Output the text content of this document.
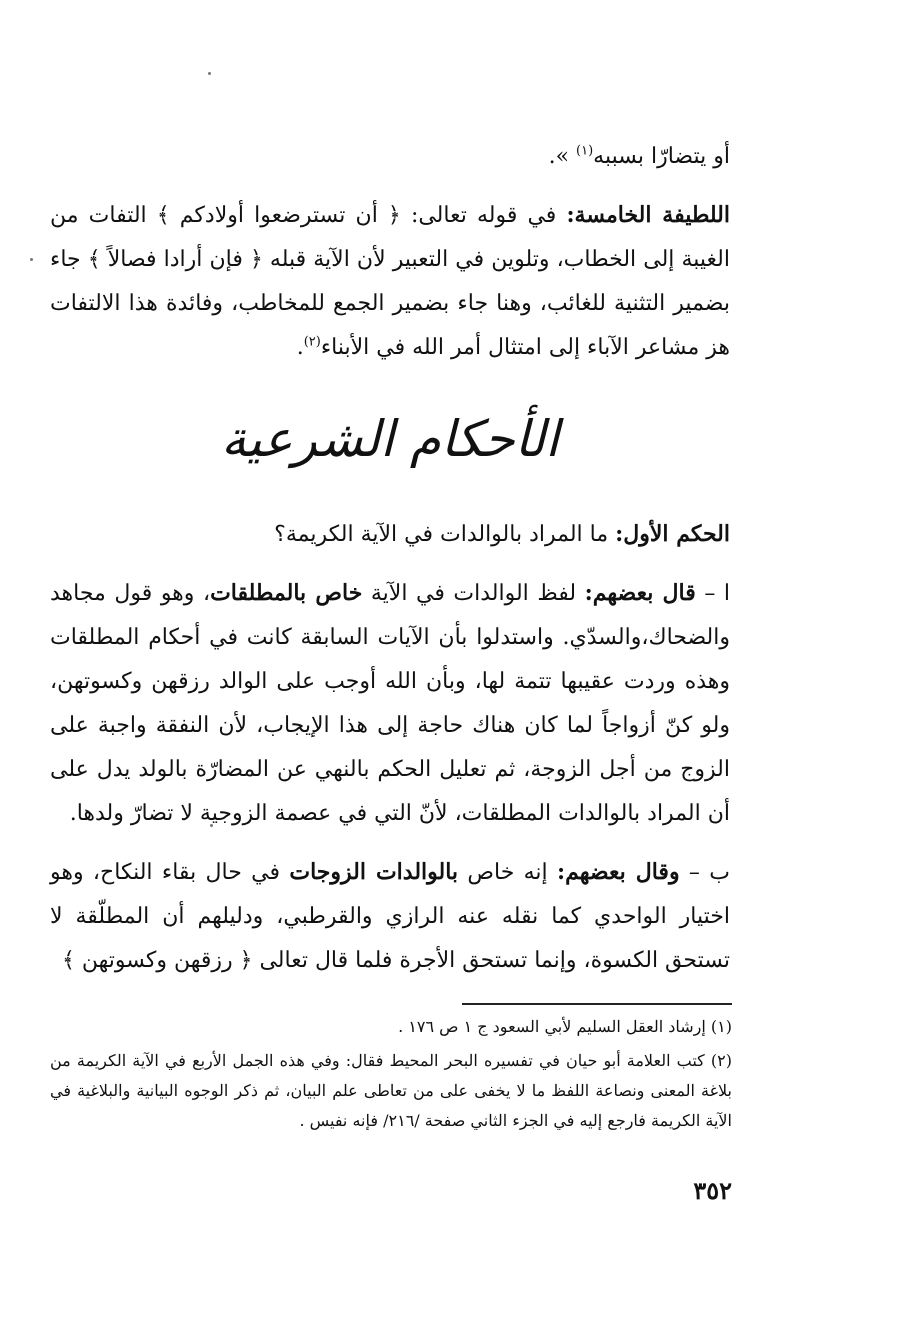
أو يتضارّا بسببه$^{(١)}$ ».

اللطيفة الخامسة: في قوله تعالى: ﴿ أن تسترضعوا أولادكم ﴾ التفات من الغيبة إلى الخطاب، وتلوين في التعبير لأن الآية قبله ﴿ فإن أرادا فصالاً ﴾ جاء بضمير التثنية للغائب، وهنا جاء بضمير الجمع للمخاطب، وفائدة هذا الالتفات هز مشاعر الآباء إلى امتثال أمر الله في الأبناء$^{(٢)}$.

الأحكام الشرعية

الحكم الأول: ما المراد بالوالدات في الآية الكريمة؟

ا – قال بعضهم: لفظ الوالدات في الآية خاص بالمطلقات، وهو قول مجاهد والضحاك،والسدّي. واستدلوا بأن الآيات السابقة كانت في أحكام المطلقات وهذه وردت عقيبها تتمة لها، وبأن الله أوجب على الوالد رزقهن وكسوتهن، ولو كنّ أزواجاً لما كان هناك حاجة إلى هذا الإيجاب، لأن النفقة واجبة على الزوج من أجل الزوجة، ثم تعليل الحكم بالنهي عن المضارّة بالولد يدل على أن المراد بالوالدات المطلقات، لأنّ التي في عصمة الزوجية لا تضارّ ولدها.

ب – وقال بعضهم: إنه خاص بالوالدات الزوجات في حال بقاء النكاح، وهو اختيار الواحدي كما نقله عنه الرازي والقرطبي، ودليلهم أن المطلّقة لا تستحق الكسوة، وإنما تستحق الأجرة فلما قال تعالى ﴿ رزقهن وكسوتهن ﴾

(١) إرشاد العقل السليم لأبي السعود ج ١ ص ١٧٦ .

(٢) كتب العلامة أبو حيان في تفسيره البحر المحيط فقال: وفي هذه الجمل الأربع في الآية الكريمة من بلاغة المعنى ونصاعة اللفظ ما لا يخفى على من تعاطى علم البيان، ثم ذكر الوجوه البيانية والبلاغية في الآية الكريمة فارجع إليه في الجزء الثاني صفحة /٢١٦/ فإنه نفيس .

٣٥٢
